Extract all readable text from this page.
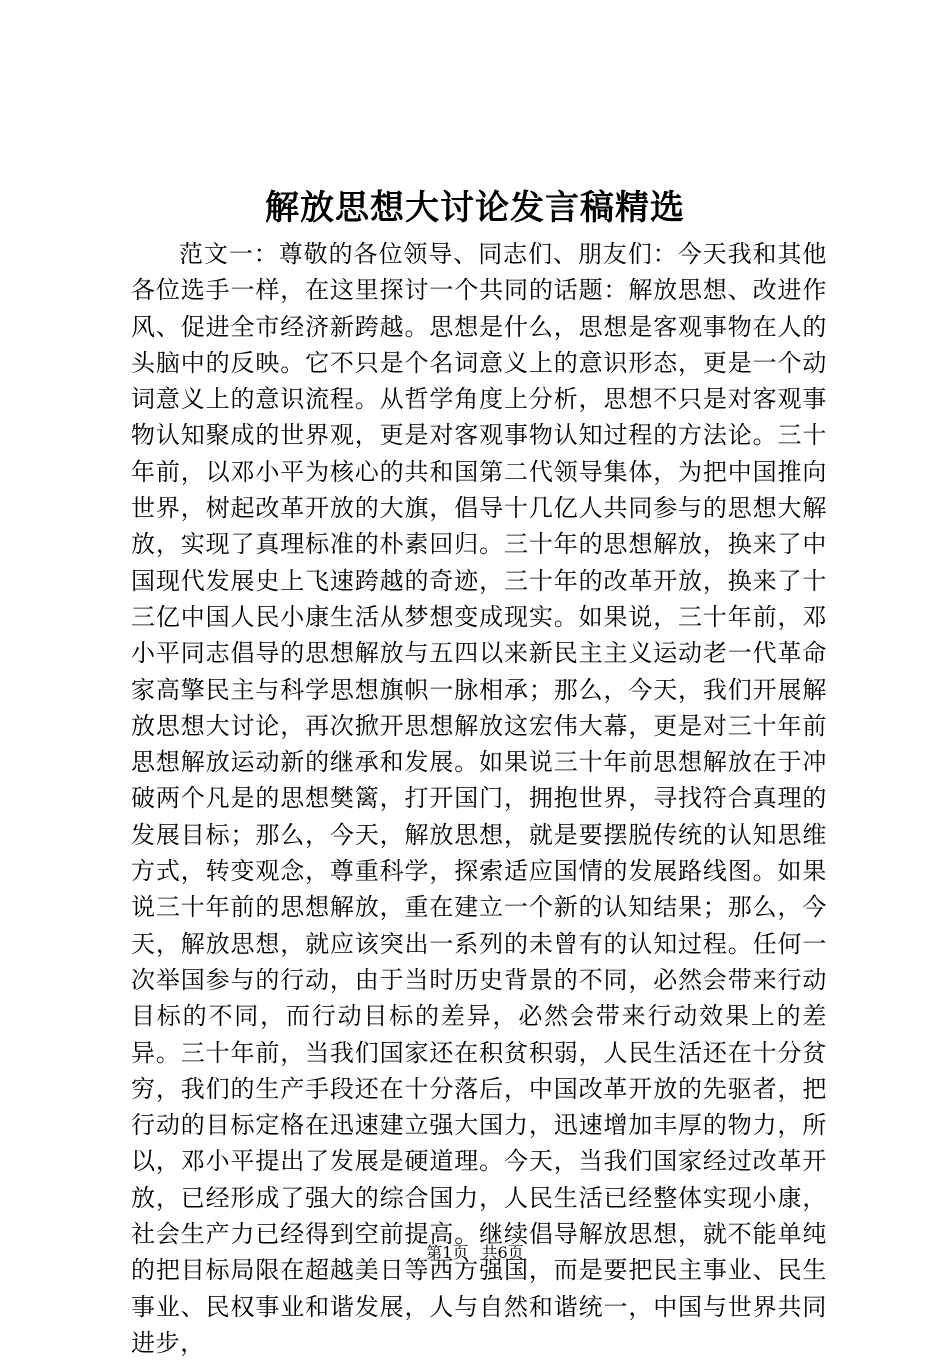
解放思想大讨论发言稿精选

范文一：尊敬的各位领导、同志们、朋友们：今天我和其他各位选手一样，在这里探讨一个共同的话题：解放思想、改进作风、促进全市经济新跨越。思想是什么，思想是客观事物在人的头脑中的反映。它不只是个名词意义上的意识形态，更是一个动词意义上的意识流程。从哲学角度上分析，思想不只是对客观事物认知聚成的世界观，更是对客观事物认知过程的方法论。三十年前，以邓小平为核心的共和国第二代领导集体，为把中国推向世界，树起改革开放的大旗，倡导十几亿人共同参与的思想大解放，实现了真理标准的朴素回归。三十年的思想解放，换来了中国现代发展史上飞速跨越的奇迹，三十年的改革开放，换来了十三亿中国人民小康生活从梦想变成现实。如果说，三十年前，邓小平同志倡导的思想解放与五四以来新民主主义运动老一代革命家高擎民主与科学思想旗帜一脉相承；那么，今天，我们开展解放思想大讨论，再次掀开思想解放这宏伟大幕，更是对三十年前思想解放运动新的继承和发展。如果说三十年前思想解放在于冲破两个凡是的思想樊篱，打开国门，拥抱世界，寻找符合真理的发展目标；那么，今天，解放思想，就是要摆脱传统的认知思维方式，转变观念，尊重科学，探索适应国情的发展路线图。如果说三十年前的思想解放，重在建立一个新的认知结果；那么，今天，解放思想，就应该突出一系列的未曾有的认知过程。任何一次举国参与的行动，由于当时历史背景的不同，必然会带来行动目标的不同，而行动目标的差异，必然会带来行动效果上的差异。三十年前，当我们国家还在积贫积弱，人民生活还在十分贫穷，我们的生产手段还在十分落后，中国改革开放的先驱者，把行动的目标定格在迅速建立强大国力，迅速增加丰厚的物力，所以，邓小平提出了发展是硬道理。今天，当我们国家经过改革开放，已经形成了强大的综合国力，人民生活已经整体实现小康，社会生产力已经得到空前提高。继续倡导解放思想，就不能单纯的把目标局限在超越美日等西方强国，而是要把民主事业、民生事业、民权事业和谐发展，人与自然和谐统一，中国与世界共同进步，

第1页 共6页
